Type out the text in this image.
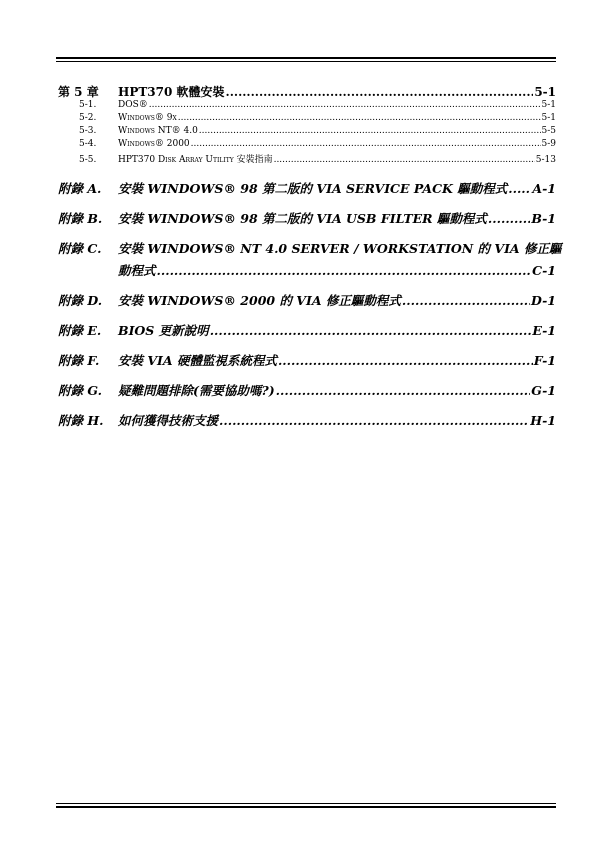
第 5 章	HPT370 軟體安裝 .....	5-1
5-1.	DOS® .....	5-1
5-2.	Windows® 9x .....	5-1
5-3.	Windows NT® 4.0 .....	5-5
5-4.	Windows® 2000 .....	5-9
5-5.	HPT370 Disk Array Utility 安裝指南 .....	5-13
附錄 A.	安裝 WINDOWS® 98 第二版的 VIA SERVICE PACK 驅動程式 ..... A-1
附錄 B.	安裝 WINDOWS® 98 第二版的 VIA USB FILTER 驅動程式 .....	B-1
附錄 C.	安裝 WINDOWS® NT 4.0 SERVER / WORKSTATION 的 VIA 修正驅
動程式 .....	C-1
附錄 D.	安裝 WINDOWS® 2000 的 VIA 修正驅動程式 .....	D-1
附錄 E.	BIOS 更新說明 .....	E-1
附錄 F.	安裝 VIA 硬體監視系統程式 .....	F-1
附錄 G.	疑難問題排除(需要協助嗎?) .....	G-1
附錄 H.	如何獲得技術支援 .....	H-1
